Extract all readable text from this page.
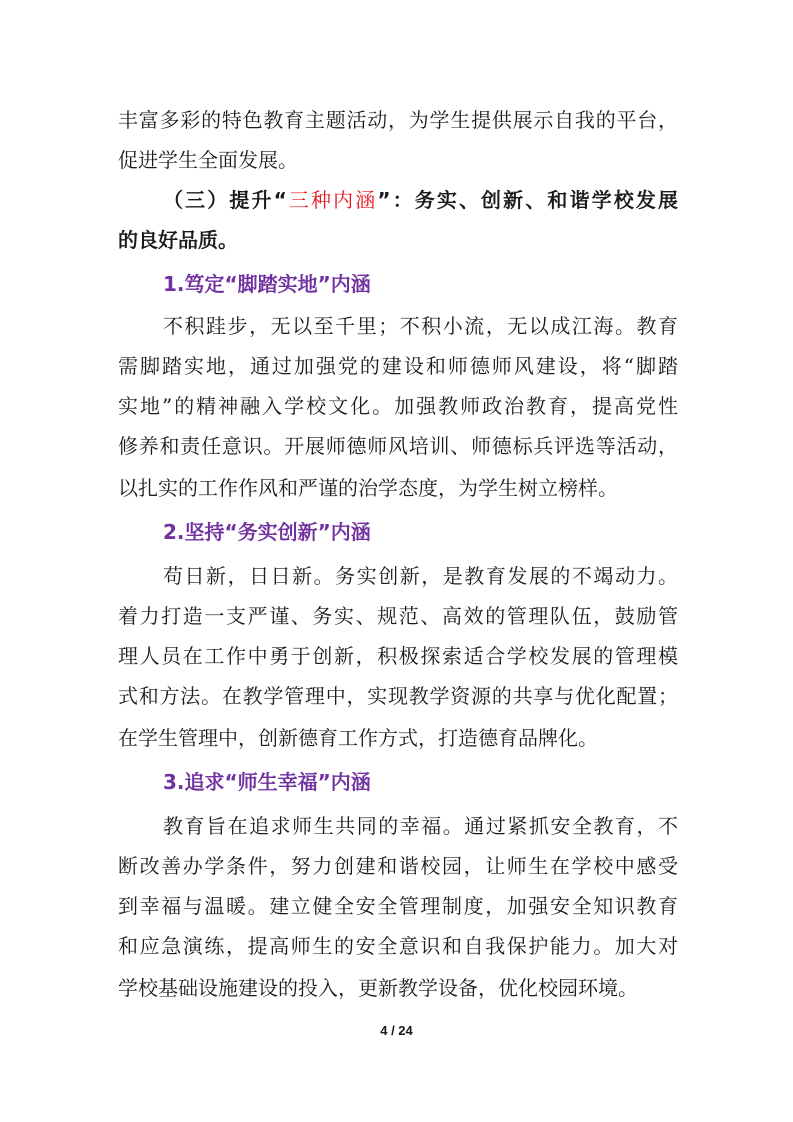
丰富多彩的特色教育主题活动，为学生提供展示自我的平台，
促进学生全面发展。
（三）提升“三种内涵”：务实、创新、和谐学校发展
的良好品质。
1.笃定“脚踏实地”内涵
不积跬步，无以至千里；不积小流，无以成江海。教育
需脚踏实地，通过加强党的建设和师德师风建设，将“脚踏
实地”的精神融入学校文化。加强教师政治教育，提高党性
修养和责任意识。开展师德师风培训、师德标兵评选等活动，
以扎实的工作作风和严谨的治学态度，为学生树立榜样。
2.坚持“务实创新”内涵
苟日新，日日新。务实创新，是教育发展的不竭动力。
着力打造一支严谨、务实、规范、高效的管理队伍，鼓励管
理人员在工作中勇于创新，积极探索适合学校发展的管理模
式和方法。在教学管理中，实现教学资源的共享与优化配置；
在学生管理中，创新德育工作方式，打造德育品牌化。
3.追求“师生幸福”内涵
教育旨在追求师生共同的幸福。通过紧抓安全教育，不
断改善办学条件，努力创建和谐校园，让师生在学校中感受
到幸福与温暖。建立健全安全管理制度，加强安全知识教育
和应急演练，提高师生的安全意识和自我保护能力。加大对
学校基础设施建设的投入，更新教学设备，优化校园环境。
4 / 24
